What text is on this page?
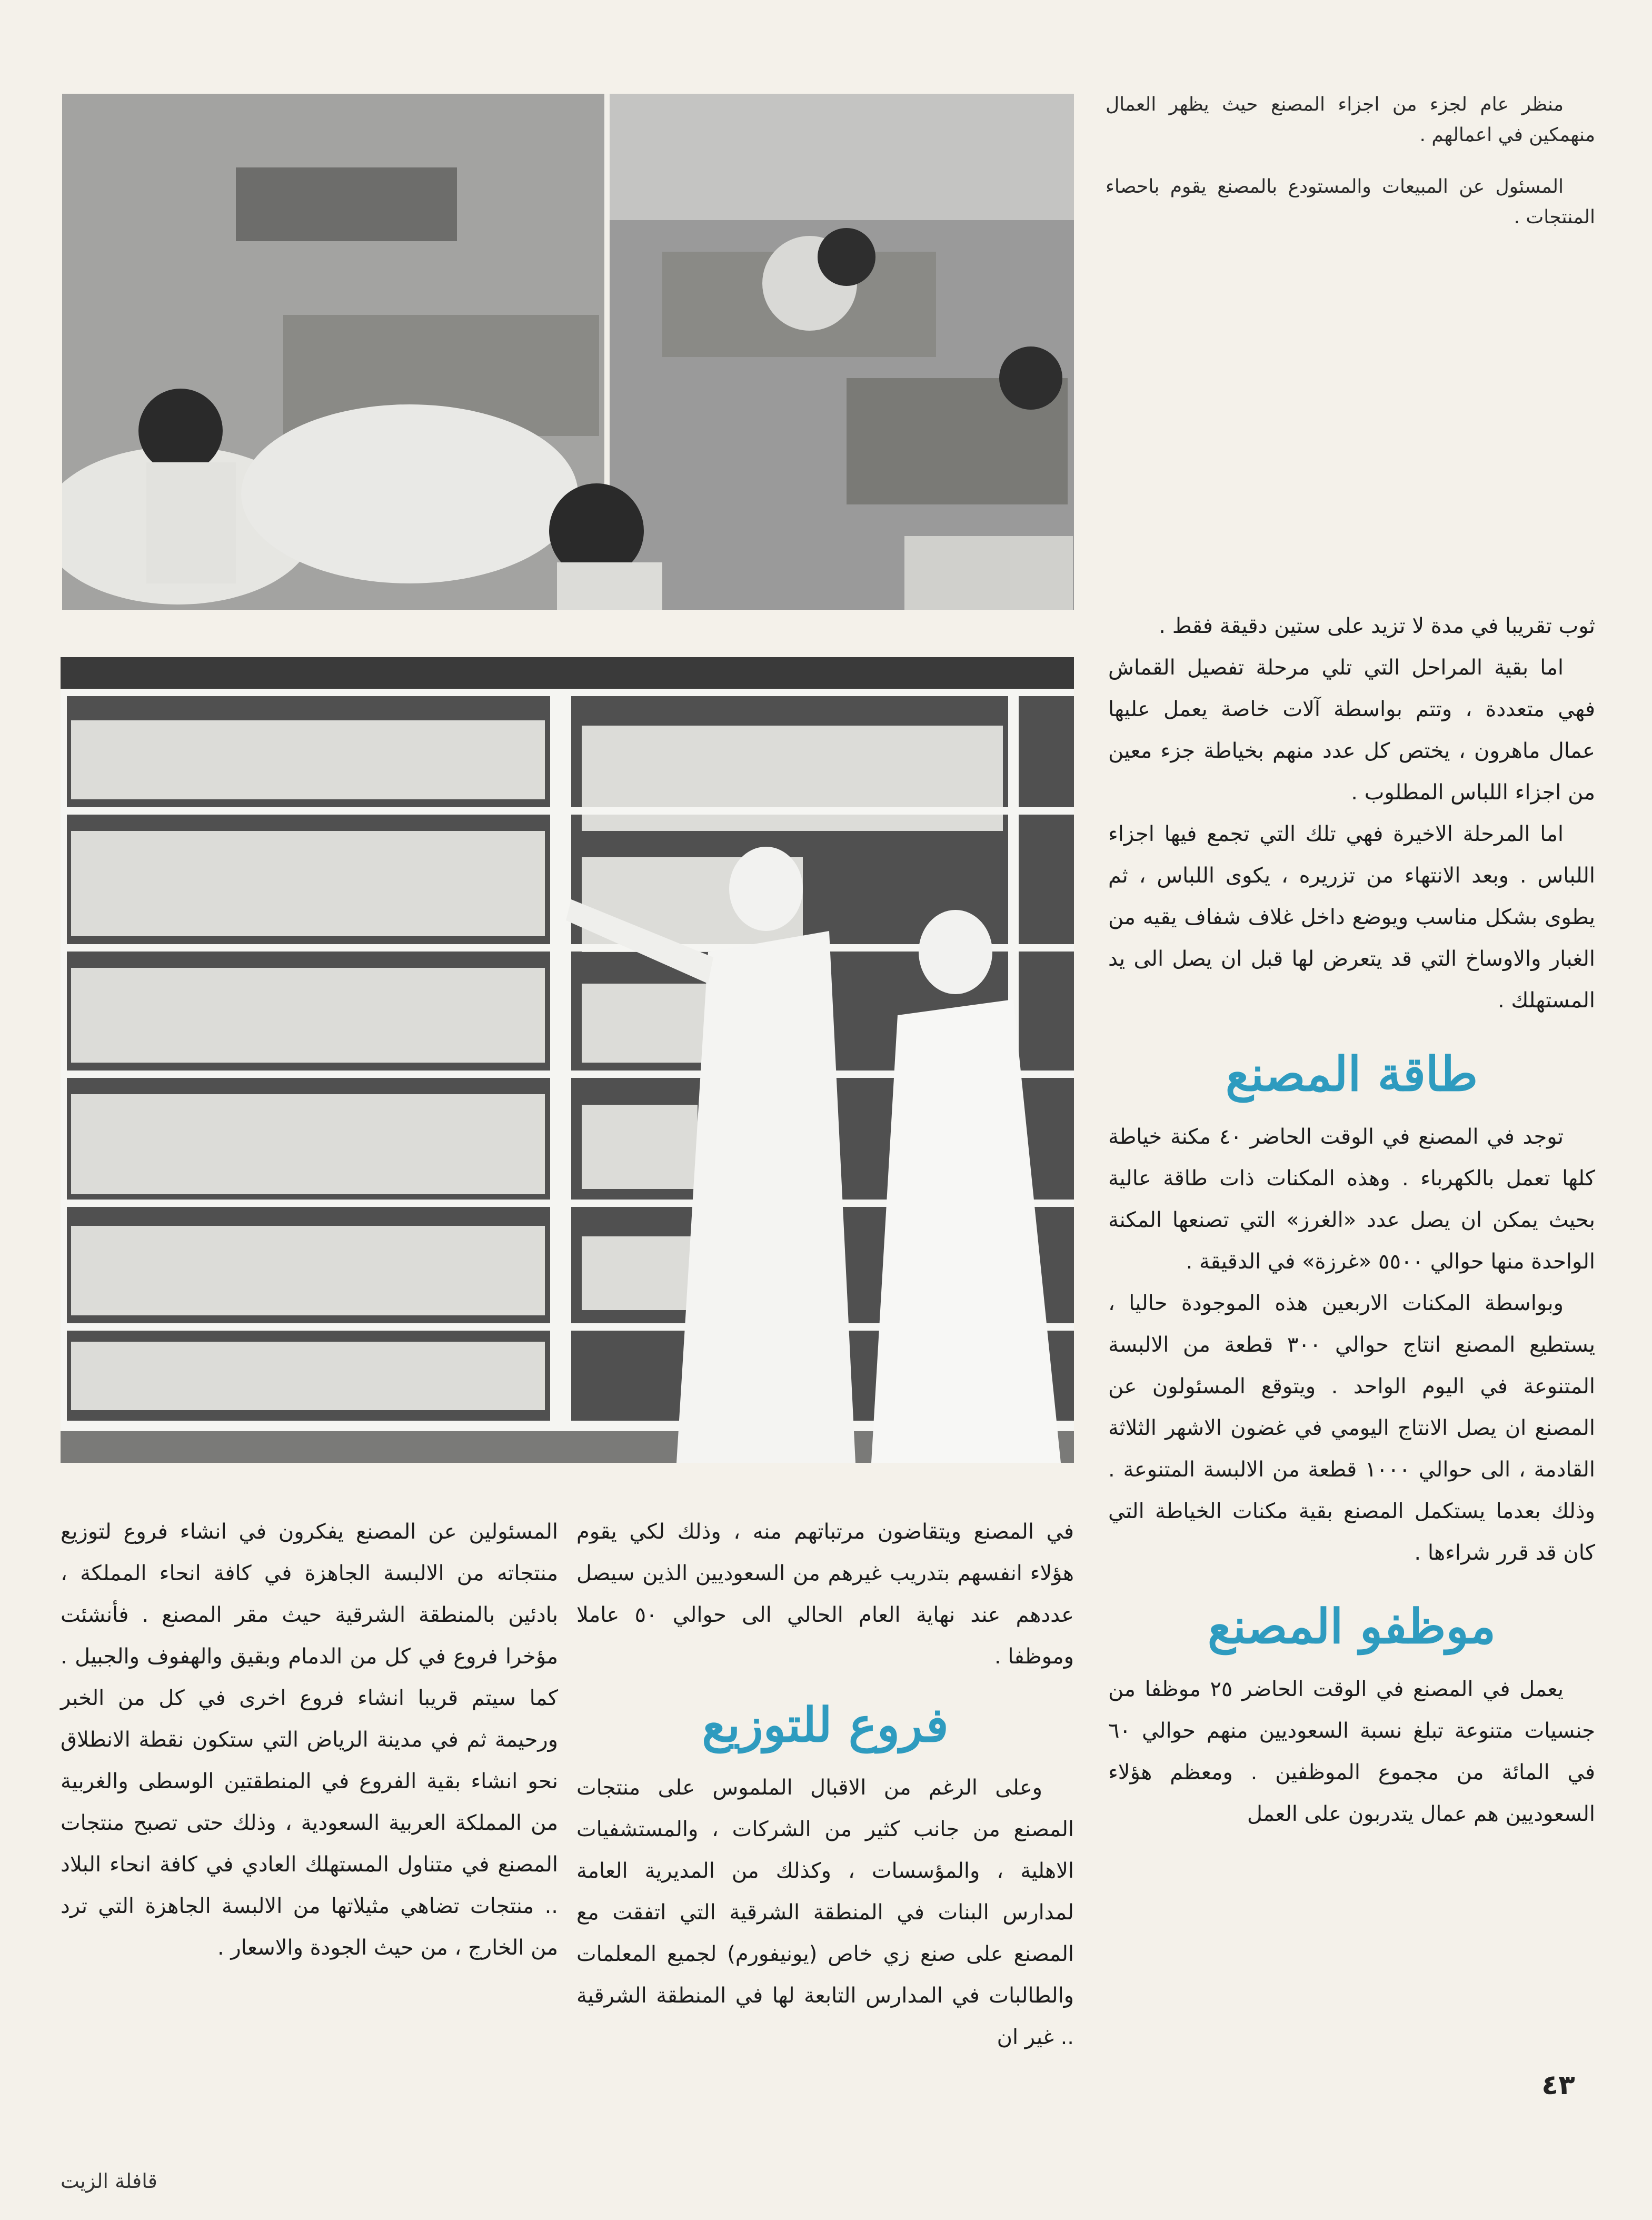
منظر عام لجزء من اجزاء المصنع حيث يظهر العمال منهمكين في اعمالهم .

المسئول عن المبيعات والمستودع بالمصنع يقوم باحصاء المنتجات .

ثوب تقريبا في مدة لا تزيد على ستين دقيقة فقط .

اما بقية المراحل التي تلي مرحلة تفصيل القماش فهي متعددة ، وتتم بواسطة آلات خاصة يعمل عليها عمال ماهرون ، يختص كل عدد منهم بخياطة جزء معين من اجزاء اللباس المطلوب .

اما المرحلة الاخيرة فهي تلك التي تجمع فيها اجزاء اللباس . وبعد الانتهاء من تزريره ، يكوى اللباس ، ثم يطوى بشكل مناسب ويوضع داخل غلاف شفاف يقيه من الغبار والاوساخ التي قد يتعرض لها قبل ان يصل الى يد المستهلك .

طاقة المصنع

توجد في المصنع في الوقت الحاضر ٤٠ مكنة خياطة كلها تعمل بالكهرباء . وهذه المكنات ذات طاقة عالية بحيث يمكن ان يصل عدد «الغرز» التي تصنعها المكنة الواحدة منها حوالي ٥٥٠٠ «غرزة» في الدقيقة .

وبواسطة المكنات الاربعين هذه الموجودة حاليا ، يستطيع المصنع انتاج حوالي ٣٠٠ قطعة من الالبسة المتنوعة في اليوم الواحد . ويتوقع المسئولون عن المصنع ان يصل الانتاج اليومي في غضون الاشهر الثلاثة القادمة ، الى حوالي ١٠٠٠ قطعة من الالبسة المتنوعة . وذلك بعدما يستكمل المصنع بقية مكنات الخياطة التي كان قد قرر شراءها .

موظفو المصنع

يعمل في المصنع في الوقت الحاضر ٢٥ موظفا من جنسيات متنوعة تبلغ نسبة السعوديين منهم حوالي ٦٠ في المائة من مجموع الموظفين . ومعظم هؤلاء السعوديين هم عمال يتدربون على العمل

في المصنع ويتقاضون مرتباتهم منه ، وذلك لكي يقوم هؤلاء انفسهم بتدريب غيرهم من السعوديين الذين سيصل عددهم عند نهاية العام الحالي الى حوالي ٥٠ عاملا وموظفا .

فروع للتوزيع

وعلى الرغم من الاقبال الملموس على منتجات المصنع من جانب كثير من الشركات ، والمستشفيات الاهلية ، والمؤسسات ، وكذلك من المديرية العامة لمدارس البنات في المنطقة الشرقية التي اتفقت مع المصنع على صنع زي خاص (يونيفورم) لجميع المعلمات والطالبات في المدارس التابعة لها في المنطقة الشرقية .. غير ان

المسئولين عن المصنع يفكرون في انشاء فروع لتوزيع منتجاته من الالبسة الجاهزة في كافة انحاء المملكة ، بادئين بالمنطقة الشرقية حيث مقر المصنع . فأنشئت مؤخرا فروع في كل من الدمام وبقيق والهفوف والجبيل . كما سيتم قريبا انشاء فروع اخرى في كل من الخبر ورحيمة ثم في مدينة الرياض التي ستكون نقطة الانطلاق نحو انشاء بقية الفروع في المنطقتين الوسطى والغربية من المملكة العربية السعودية ، وذلك حتى تصبح منتجات المصنع في متناول المستهلك العادي في كافة انحاء البلاد .. منتجات تضاهي مثيلاتها من الالبسة الجاهزة التي ترد من الخارج ، من حيث الجودة والاسعار .

٤٣
قافلة الزيت
